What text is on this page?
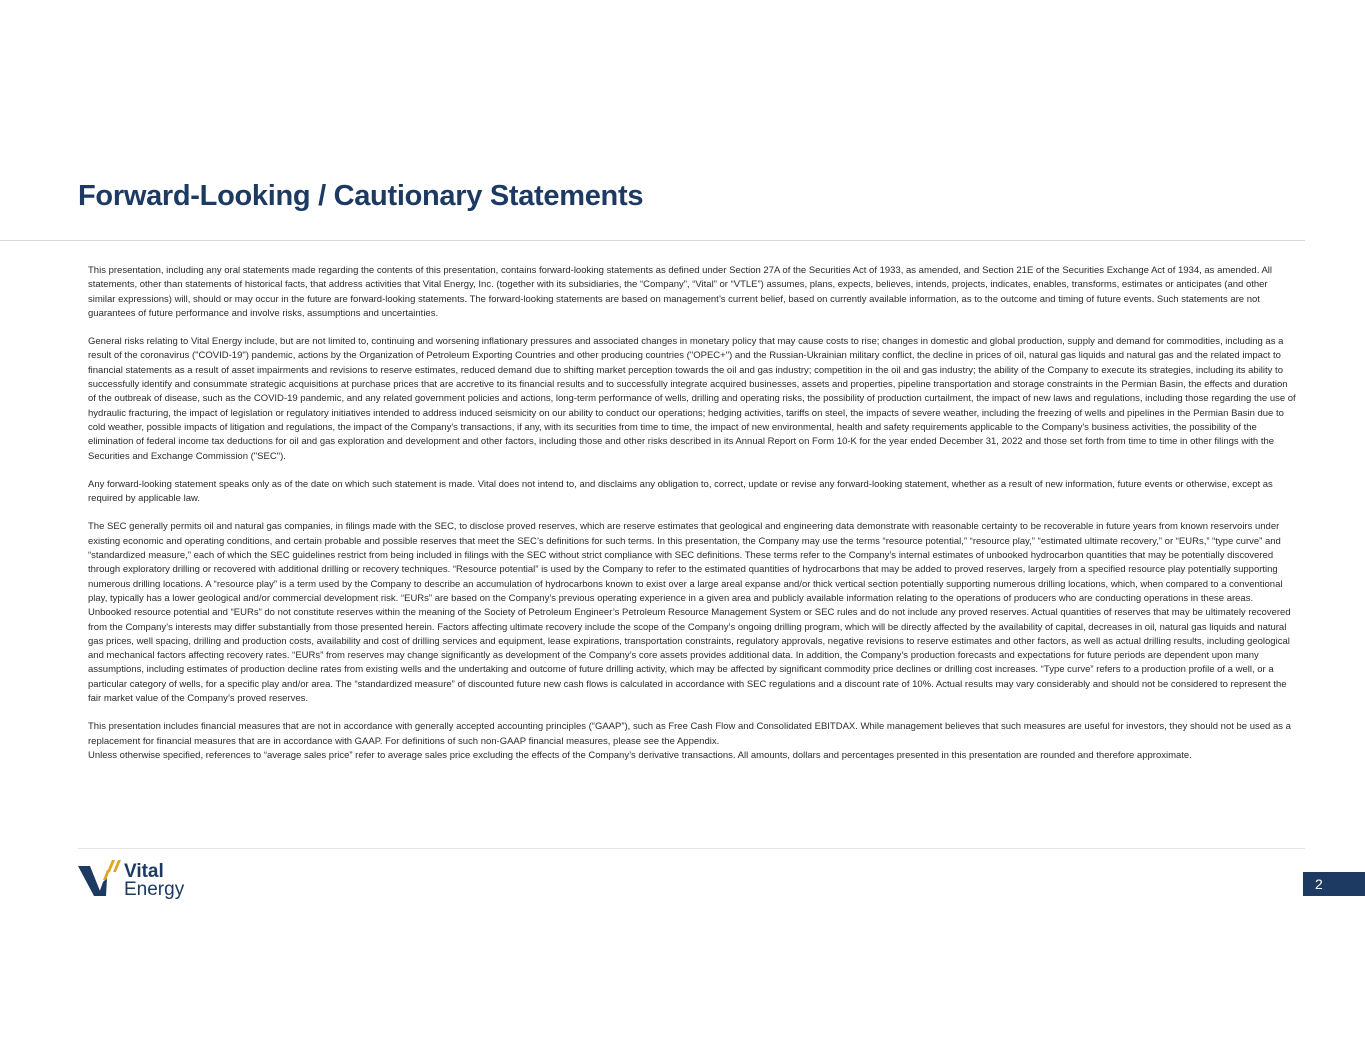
Forward-Looking / Cautionary Statements

This presentation, including any oral statements made regarding the contents of this presentation, contains forward-looking statements as defined under Section 27A of the Securities Act of 1933, as amended, and Section 21E of the Securities Exchange Act of 1934, as amended. All statements, other than statements of historical facts, that address activities that Vital Energy, Inc. (together with its subsidiaries, the “Company”, “Vital” or “VTLE”) assumes, plans, expects, believes, intends, projects, indicates, enables, transforms, estimates or anticipates (and other similar expressions) will, should or may occur in the future are forward-looking statements. The forward-looking statements are based on management’s current belief, based on currently available information, as to the outcome and timing of future events. Such statements are not guarantees of future performance and involve risks, assumptions and uncertainties.

General risks relating to Vital Energy include, but are not limited to, continuing and worsening inflationary pressures and associated changes in monetary policy that may cause costs to rise; changes in domestic and global production, supply and demand for commodities, including as a result of the coronavirus ("COVID-19") pandemic, actions by the Organization of Petroleum Exporting Countries and other producing countries ("OPEC+") and the Russian-Ukrainian military conflict, the decline in prices of oil, natural gas liquids and natural gas and the related impact to financial statements as a result of asset impairments and revisions to reserve estimates, reduced demand due to shifting market perception towards the oil and gas industry; competition in the oil and gas industry; the ability of the Company to execute its strategies, including its ability to successfully identify and consummate strategic acquisitions at purchase prices that are accretive to its financial results and to successfully integrate acquired businesses, assets and properties, pipeline transportation and storage constraints in the Permian Basin, the effects and duration of the outbreak of disease, such as the COVID-19 pandemic, and any related government policies and actions, long-term performance of wells, drilling and operating risks, the possibility of production curtailment, the impact of new laws and regulations, including those regarding the use of hydraulic fracturing, the impact of legislation or regulatory initiatives intended to address induced seismicity on our ability to conduct our operations; hedging activities, tariffs on steel, the impacts of severe weather, including the freezing of wells and pipelines in the Permian Basin due to cold weather, possible impacts of litigation and regulations, the impact of the Company's transactions, if any, with its securities from time to time, the impact of new environmental, health and safety requirements applicable to the Company's business activities, the possibility of the elimination of federal income tax deductions for oil and gas exploration and development and other factors, including those and other risks described in its Annual Report on Form 10-K for the year ended December 31, 2022 and those set forth from time to time in other filings with the Securities and Exchange Commission ("SEC").

Any forward-looking statement speaks only as of the date on which such statement is made. Vital does not intend to, and disclaims any obligation to, correct, update or revise any forward-looking statement, whether as a result of new information, future events or otherwise, except as required by applicable law.

The SEC generally permits oil and natural gas companies, in filings made with the SEC, to disclose proved reserves, which are reserve estimates that geological and engineering data demonstrate with reasonable certainty to be recoverable in future years from known reservoirs under existing economic and operating conditions, and certain probable and possible reserves that meet the SEC’s definitions for such terms. In this presentation, the Company may use the terms “resource potential,” “resource play,” “estimated ultimate recovery,” or “EURs,” “type curve” and “standardized measure,” each of which the SEC guidelines restrict from being included in filings with the SEC without strict compliance with SEC definitions. These terms refer to the Company’s internal estimates of unbooked hydrocarbon quantities that may be potentially discovered through exploratory drilling or recovered with additional drilling or recovery techniques. “Resource potential” is used by the Company to refer to the estimated quantities of hydrocarbons that may be added to proved reserves, largely from a specified resource play potentially supporting numerous drilling locations. A “resource play” is a term used by the Company to describe an accumulation of hydrocarbons known to exist over a large areal expanse and/or thick vertical section potentially supporting numerous drilling locations, which, when compared to a conventional play, typically has a lower geological and/or commercial development risk. “EURs” are based on the Company’s previous operating experience in a given area and publicly available information relating to the operations of producers who are conducting operations in these areas. Unbooked resource potential and “EURs” do not constitute reserves within the meaning of the Society of Petroleum Engineer’s Petroleum Resource Management System or SEC rules and do not include any proved reserves. Actual quantities of reserves that may be ultimately recovered from the Company’s interests may differ substantially from those presented herein. Factors affecting ultimate recovery include the scope of the Company’s ongoing drilling program, which will be directly affected by the availability of capital, decreases in oil, natural gas liquids and natural gas prices, well spacing, drilling and production costs, availability and cost of drilling services and equipment, lease expirations, transportation constraints, regulatory approvals, negative revisions to reserve estimates and other factors, as well as actual drilling results, including geological and mechanical factors affecting recovery rates. “EURs” from reserves may change significantly as development of the Company’s core assets provides additional data. In addition, the Company’s production forecasts and expectations for future periods are dependent upon many assumptions, including estimates of production decline rates from existing wells and the undertaking and outcome of future drilling activity, which may be affected by significant commodity price declines or drilling cost increases. “Type curve” refers to a production profile of a well, or a particular category of wells, for a specific play and/or area. The “standardized measure” of discounted future new cash flows is calculated in accordance with SEC regulations and a discount rate of 10%. Actual results may vary considerably and should not be considered to represent the fair market value of the Company’s proved reserves.

This presentation includes financial measures that are not in accordance with generally accepted accounting principles (“GAAP”), such as Free Cash Flow and Consolidated EBITDAX. While management believes that such measures are useful for investors, they should not be used as a replacement for financial measures that are in accordance with GAAP. For definitions of such non-GAAP financial measures, please see the Appendix.

Unless otherwise specified, references to “average sales price” refer to average sales price excluding the effects of the Company’s derivative transactions. All amounts, dollars and percentages presented in this presentation are rounded and therefore approximate.

Vital
Energy	2
